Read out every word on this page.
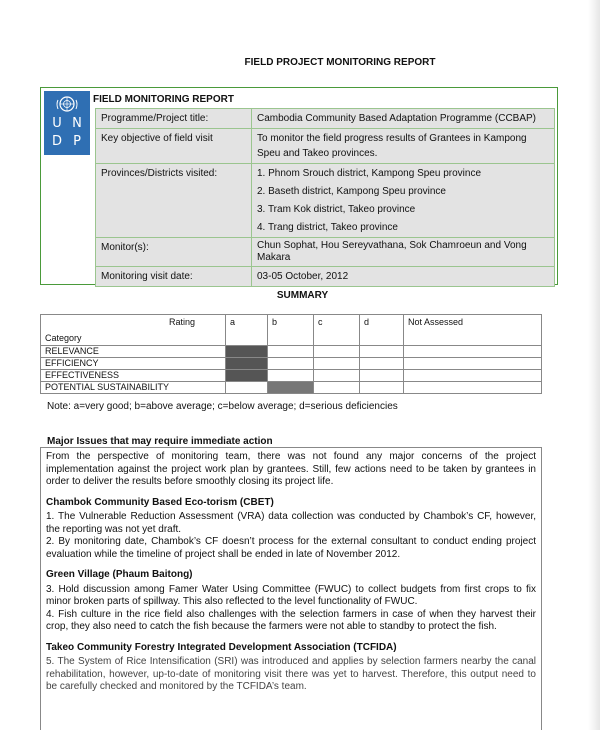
FIELD PROJECT MONITORING REPORT
U N
D P
FIELD MONITORING REPORT
Programme/Project title:	Cambodia Community Based Adaptation Programme (CCBAP)

Key objective of field visit	To monitor the field progress results of Grantees in Kampong Speu and Takeo provinces.

Provinces/Districts visited:	1. Phnom Srouch district, Kampong Speu province
2. Baseth district, Kampong Speu province
3. Tram Kok district, Takeo province
4. Trang district, Takeo province

Monitor(s):	Chun Sophat, Hou Sereyvathana, Sok Chamroeun and Vong Makara

Monitoring visit date:	03-05 October, 2012
SUMMARY
Rating
Category	a	b	c	d	Not Assessed
RELEVANCE					
EFFICIENCY					
EFFECTIVENESS					
POTENTIAL SUSTAINABILITY					
Note: a=very good; b=above average; c=below average; d=serious deficiencies
Major Issues that may require immediate action

From the perspective of monitoring team, there was not found any major concerns of the project implementation against the project work plan by grantees. Still, few actions need to be taken by grantees in order to deliver the results before smoothly closing its project life.

Chambok Community Based Eco-torism (CBET)

1. The Vulnerable Reduction Assessment (VRA) data collection was conducted by Chambok’s CF, however, the reporting was not yet draft.

2. By monitoring date, Chambok’s CF doesn’t process for the external consultant to conduct ending project evaluation while the timeline of project shall be ended in late of November 2012.

Green Village (Phaum Baitong)

3. Hold discussion among Famer Water Using Committee (FWUC) to collect budgets from first crops to fix minor broken parts of spillway. This also reflected to the level functionality of FWUC.

4. Fish culture in the rice field also challenges with the selection farmers in case of when they harvest their crop, they also need to catch the fish because the farmers were not able to standby to protect the fish.

Takeo Community Forestry Integrated Development Association (TCFIDA)

5. The System of Rice Intensification (SRI) was introduced and applies by selection farmers nearby the canal rehabilitation, however, up-to-date of monitoring visit there was yet to harvest. Therefore, this output need to be carefully checked and monitored by the TCFIDA’s team.
